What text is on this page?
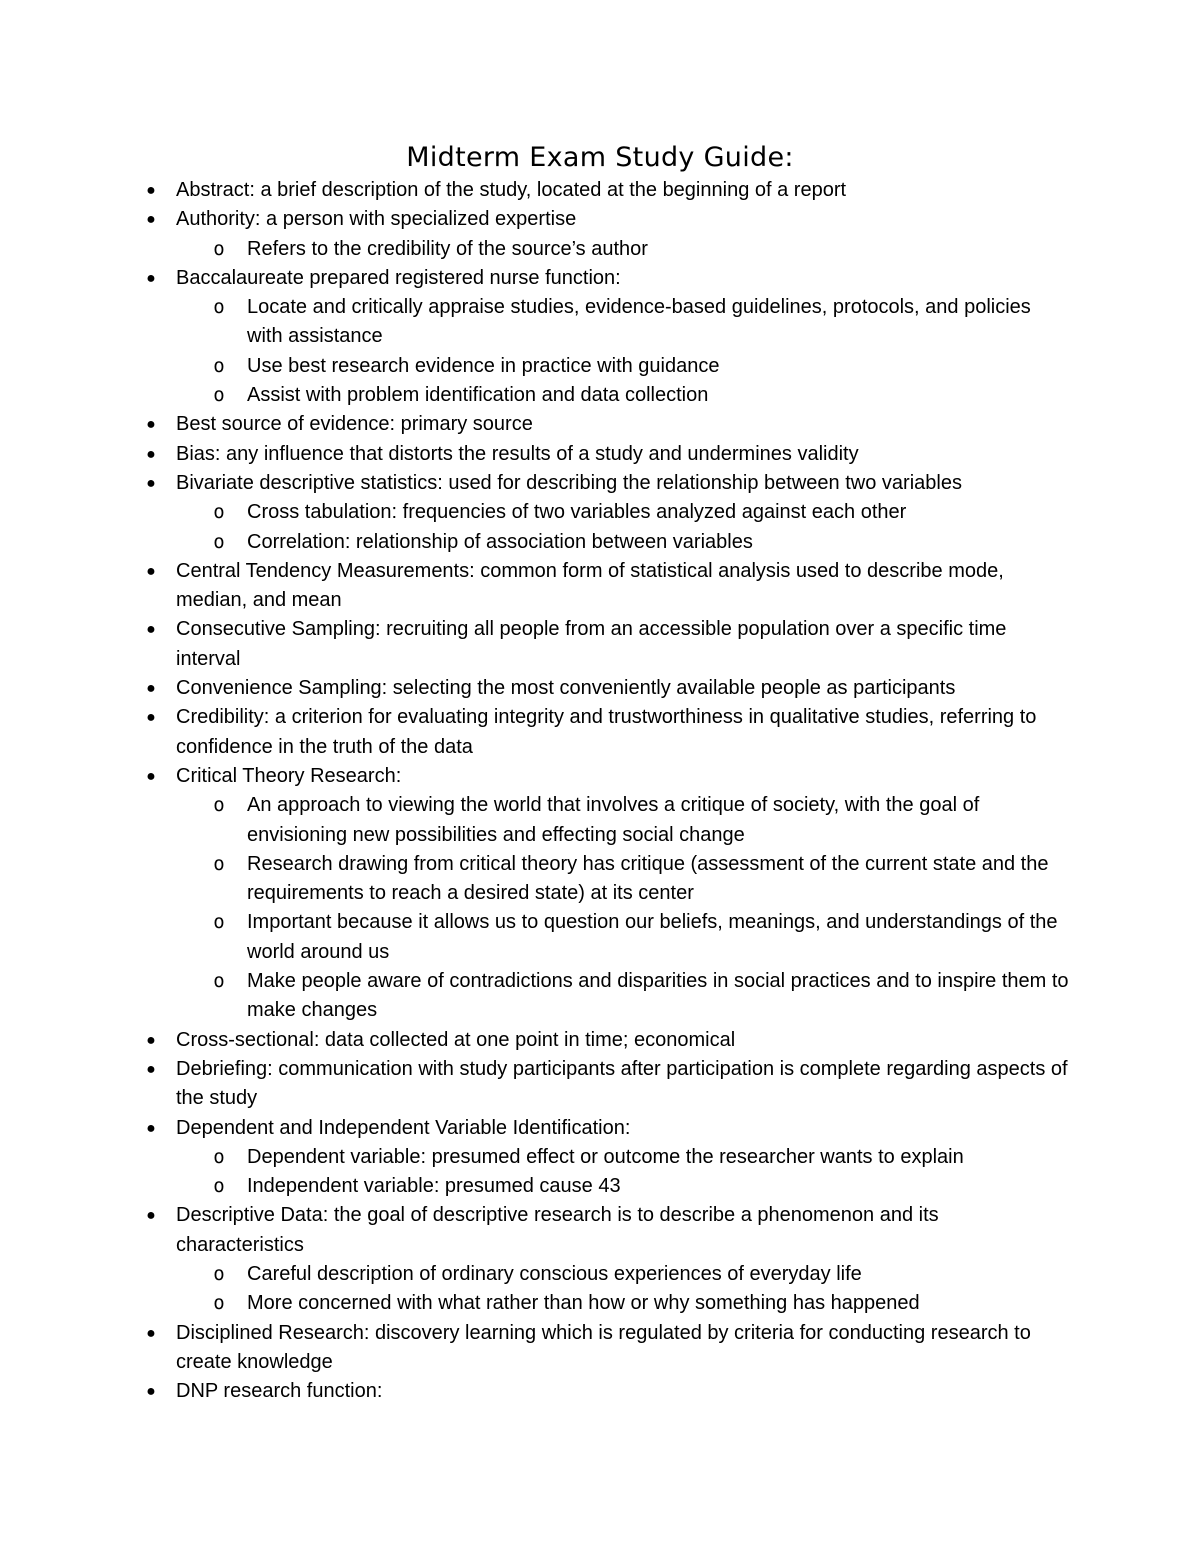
Midterm Exam Study Guide:
● Abstract: a brief description of the study, located at the beginning of a report
● Authority: a person with specialized expertise
o Refers to the credibility of the source’s author
● Baccalaureate prepared registered nurse function:
o Locate and critically appraise studies, evidence-based guidelines, protocols, and policies with assistance
o Use best research evidence in practice with guidance
o Assist with problem identification and data collection
● Best source of evidence: primary source
● Bias: any influence that distorts the results of a study and undermines validity
● Bivariate descriptive statistics: used for describing the relationship between two variables
o Cross tabulation: frequencies of two variables analyzed against each other
o Correlation: relationship of association between variables
● Central Tendency Measurements: common form of statistical analysis used to describe mode, median, and mean
● Consecutive Sampling: recruiting all people from an accessible population over a specific time interval
● Convenience Sampling: selecting the most conveniently available people as participants
● Credibility: a criterion for evaluating integrity and trustworthiness in qualitative studies, referring to confidence in the truth of the data
● Critical Theory Research:
o An approach to viewing the world that involves a critique of society, with the goal of envisioning new possibilities and effecting social change
o Research drawing from critical theory has critique (assessment of the current state and the requirements to reach a desired state) at its center
o Important because it allows us to question our beliefs, meanings, and understandings of the world around us
o Make people aware of contradictions and disparities in social practices and to inspire them to make changes
● Cross-sectional: data collected at one point in time; economical
● Debriefing: communication with study participants after participation is complete regarding aspects of the study
● Dependent and Independent Variable Identification:
o Dependent variable: presumed effect or outcome the researcher wants to explain
o Independent variable: presumed cause 43
● Descriptive Data: the goal of descriptive research is to describe a phenomenon and its characteristics
o Careful description of ordinary conscious experiences of everyday life
o More concerned with what rather than how or why something has happened
● Disciplined Research: discovery learning which is regulated by criteria for conducting research to create knowledge
● DNP research function:
